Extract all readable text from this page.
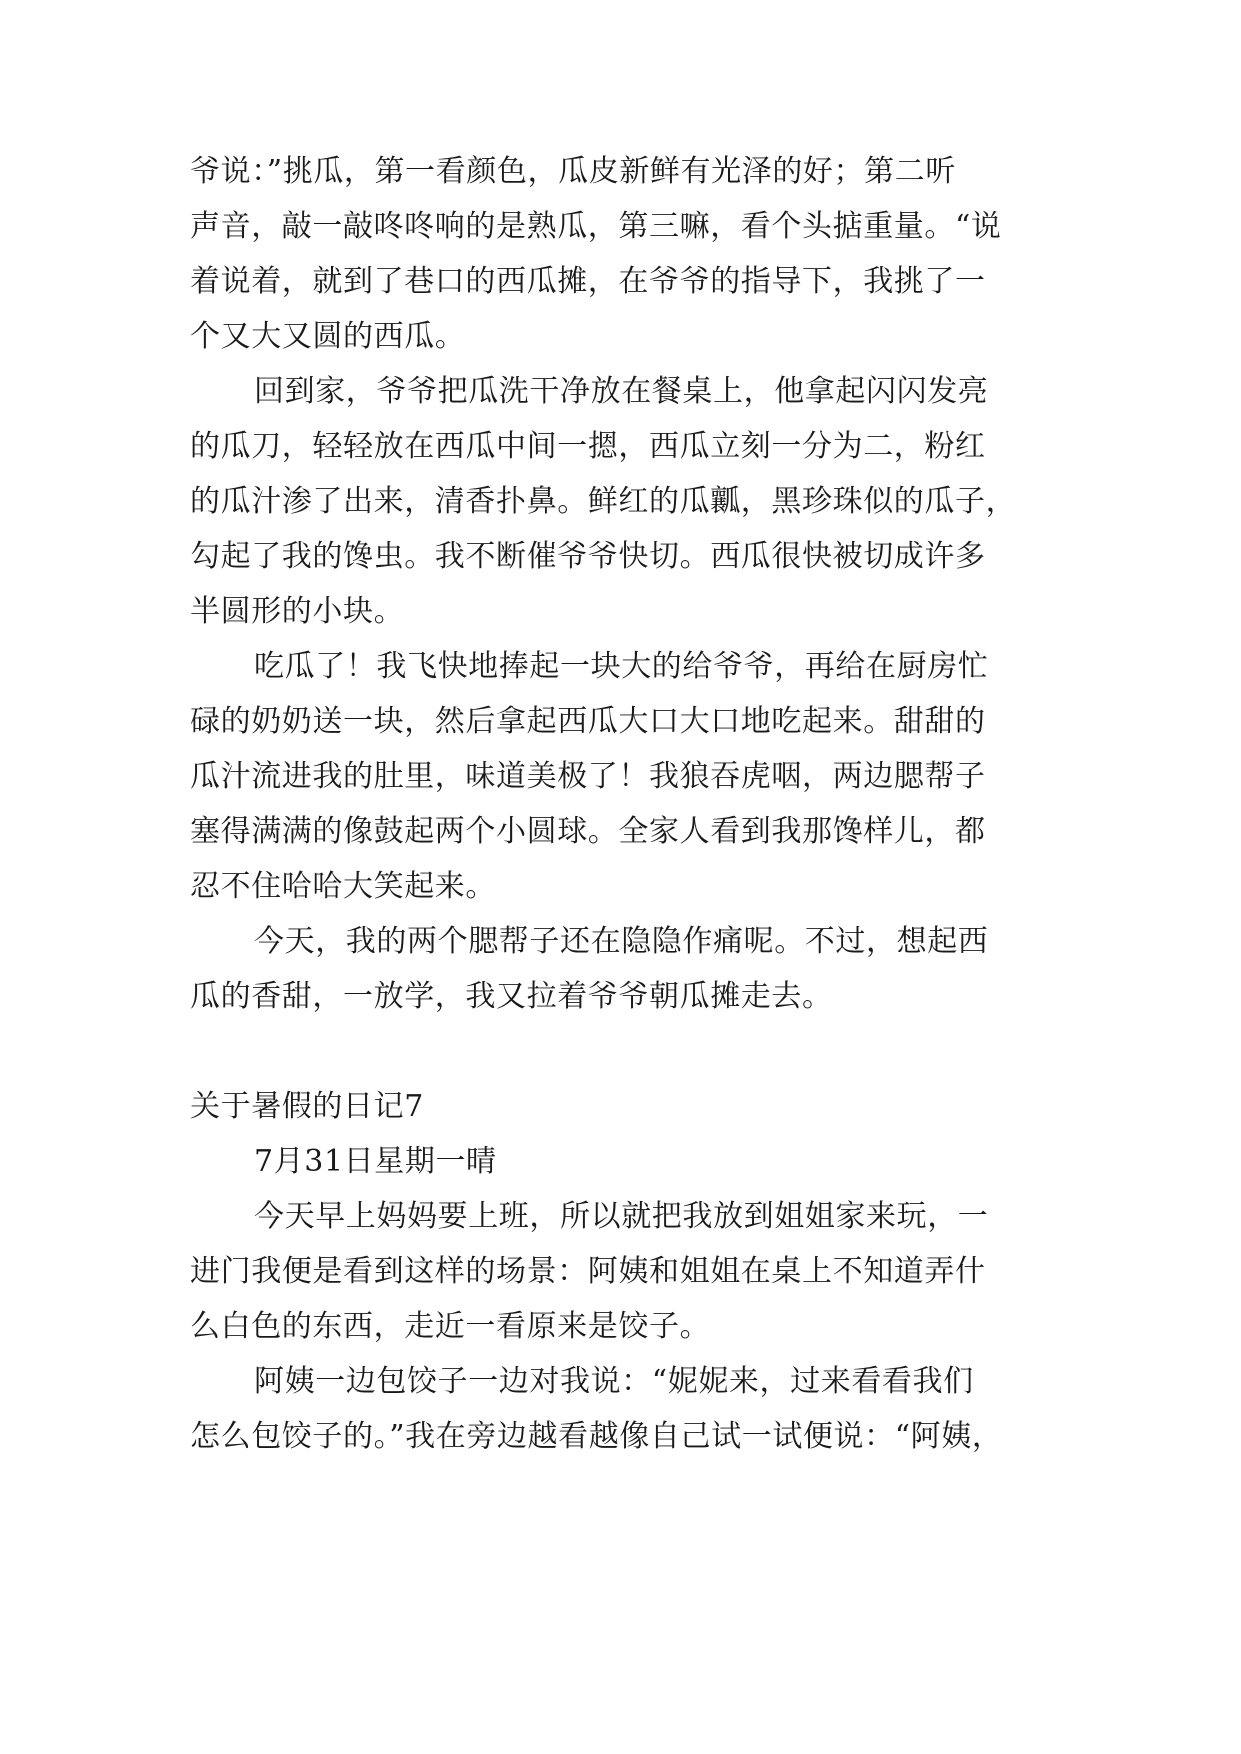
爷说：”挑瓜，第一看颜色，瓜皮新鲜有光泽的好；第二听
声音，敲一敲咚咚响的是熟瓜，第三嘛，看个头掂重量。“说
着说着，就到了巷口的西瓜摊，在爷爷的指导下，我挑了一
个又大又圆的西瓜。
回到家，爷爷把瓜洗干净放在餐桌上，他拿起闪闪发亮
的瓜刀，轻轻放在西瓜中间一摁，西瓜立刻一分为二，粉红
的瓜汁渗了出来，清香扑鼻。鲜红的瓜瓤，黑珍珠似的瓜子，
勾起了我的馋虫。我不断催爷爷快切。西瓜很快被切成许多
半圆形的小块。
吃瓜了！我飞快地捧起一块大的给爷爷，再给在厨房忙
碌的奶奶送一块，然后拿起西瓜大口大口地吃起来。甜甜的
瓜汁流进我的肚里，味道美极了！我狼吞虎咽，两边腮帮子
塞得满满的像鼓起两个小圆球。全家人看到我那馋样儿，都
忍不住哈哈大笑起来。
今天，我的两个腮帮子还在隐隐作痛呢。不过，想起西
瓜的香甜，一放学，我又拉着爷爷朝瓜摊走去。
关于暑假的日记7
7月31日星期一晴
今天早上妈妈要上班，所以就把我放到姐姐家来玩，一
进门我便是看到这样的场景：阿姨和姐姐在桌上不知道弄什
么白色的东西，走近一看原来是饺子。
阿姨一边包饺子一边对我说：“妮妮来，过来看看我们
怎么包饺子的。”我在旁边越看越像自己试一试便说：“阿姨，
